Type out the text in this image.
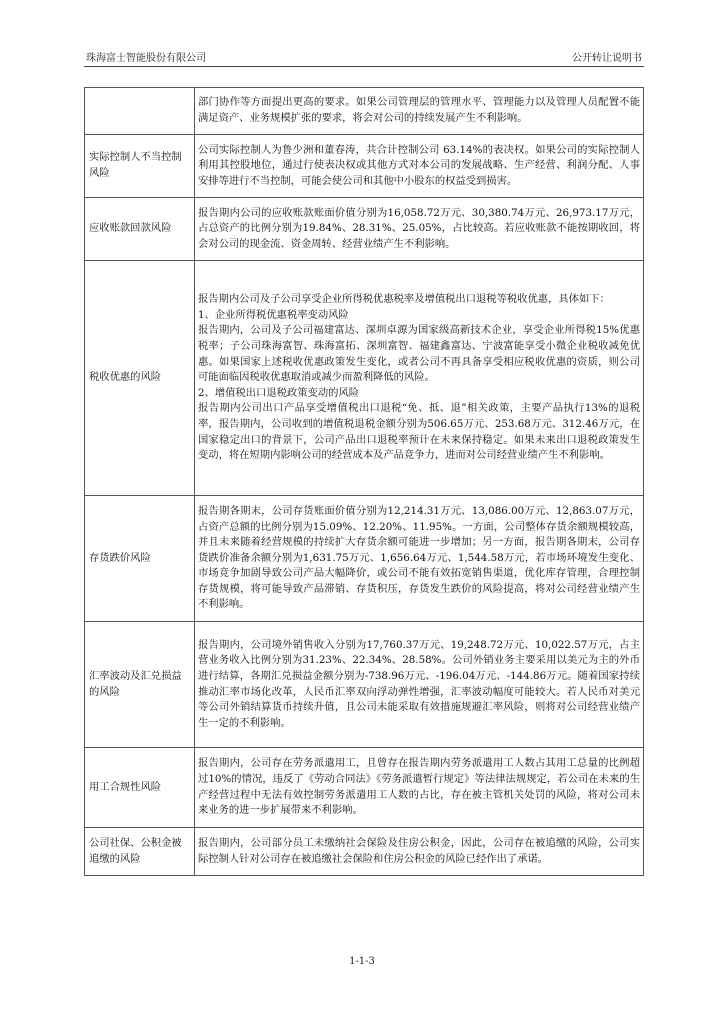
珠海富士智能股份有限公司	公开转让说明书

	部门协作等方面提出更高的要求。如果公司管理层的管理水平、管理能力以及管理人员配置不能满足资产、业务规模扩张的要求，将会对公司的持续发展产生不利影响。

实际控制人不当控制风险	公司实际控制人为鲁少洲和董春涛，共合计控制公司 63.14%的表决权。如果公司的实际控制人利用其控股地位，通过行使表决权或其他方式对本公司的发展战略、生产经营、利润分配、人事安排等进行不当控制，可能会使公司和其他中小股东的权益受到损害。

应收账款回款风险	报告期内公司的应收账款账面价值分别为16,058.72万元、30,380.74万元、26,973.17万元，占总资产的比例分别为19.84%、28.31%、25.05%，占比较高。若应收账款不能按期收回，将会对公司的现金流、资金周转、经营业绩产生不利影响。

税收优惠的风险	报告期内公司及子公司享受企业所得税优惠税率及增值税出口退税等税收优惠，具体如下：
1、企业所得税优惠税率变动风险
报告期内，公司及子公司福建富达、深圳卓源为国家级高新技术企业，享受企业所得税15%优惠税率；子公司珠海富智、珠海富拓、深圳富智、福建鑫富达、宁波富能享受小微企业税收减免优惠。如果国家上述税收优惠政策发生变化，或者公司不再具备享受相应税收优惠的资质，则公司可能面临因税收优惠取消或减少而盈利降低的风险。
2、增值税出口退税政策变动的风险
报告期内公司出口产品享受增值税出口退税“免、抵、退”相关政策，主要产品执行13%的退税率，报告期内，公司收到的增值税退税金额分别为506.65万元、253.68万元、312.46万元，在国家稳定出口的背景下，公司产品出口退税率预计在未来保持稳定。如果未来出口退税政策发生变动，将在短期内影响公司的经营成本及产品竞争力，进而对公司经营业绩产生不利影响。

存货跌价风险	报告期各期末，公司存货账面价值分别为12,214.31万元、13,086.00万元、12,863.07万元，占资产总额的比例分别为15.09%、12.20%、11.95%。一方面，公司整体存货余额规模较高，并且未来随着经营规模的持续扩大存货余额可能进一步增加；另一方面，报告期各期末，公司存货跌价准备余额分别为1,631.75万元、1,656.64万元、1,544.58万元，若市场环境发生变化、市场竞争加剧导致公司产品大幅降价，或公司不能有效拓宽销售渠道，优化库存管理，合理控制存货规模，将可能导致产品滞销、存货积压，存货发生跌价的风险提高，将对公司经营业绩产生不利影响。

汇率波动及汇兑损益的风险	报告期内，公司境外销售收入分别为17,760.37万元、19,248.72万元、10,022.57万元，占主营业务收入比例分别为31.23%、22.34%、28.58%。公司外销业务主要采用以美元为主的外币进行结算，各期汇兑损益金额分别为-738.96万元、-196.04万元、-144.86万元。随着国家持续推动汇率市场化改革，人民币汇率双向浮动弹性增强，汇率波动幅度可能较大。若人民币对美元等公司外销结算货币持续升值，且公司未能采取有效措施规避汇率风险，则将对公司经营业绩产生一定的不利影响。

用工合规性风险	报告期内，公司存在劳务派遣用工，且曾存在报告期内劳务派遣用工人数占其用工总量的比例超过10%的情况，违反了《劳动合同法》《劳务派遣暂行规定》等法律法规规定，若公司在未来的生产经营过程中无法有效控制劳务派遣用工人数的占比，存在被主管机关处罚的风险，将对公司未来业务的进一步扩展带来不利影响。

公司社保、公积金被追缴的风险	报告期内，公司部分员工未缴纳社会保险及住房公积金，因此，公司存在被追缴的风险，公司实际控制人针对公司存在被追缴社会保险和住房公积金的风险已经作出了承诺。
1-1-3
